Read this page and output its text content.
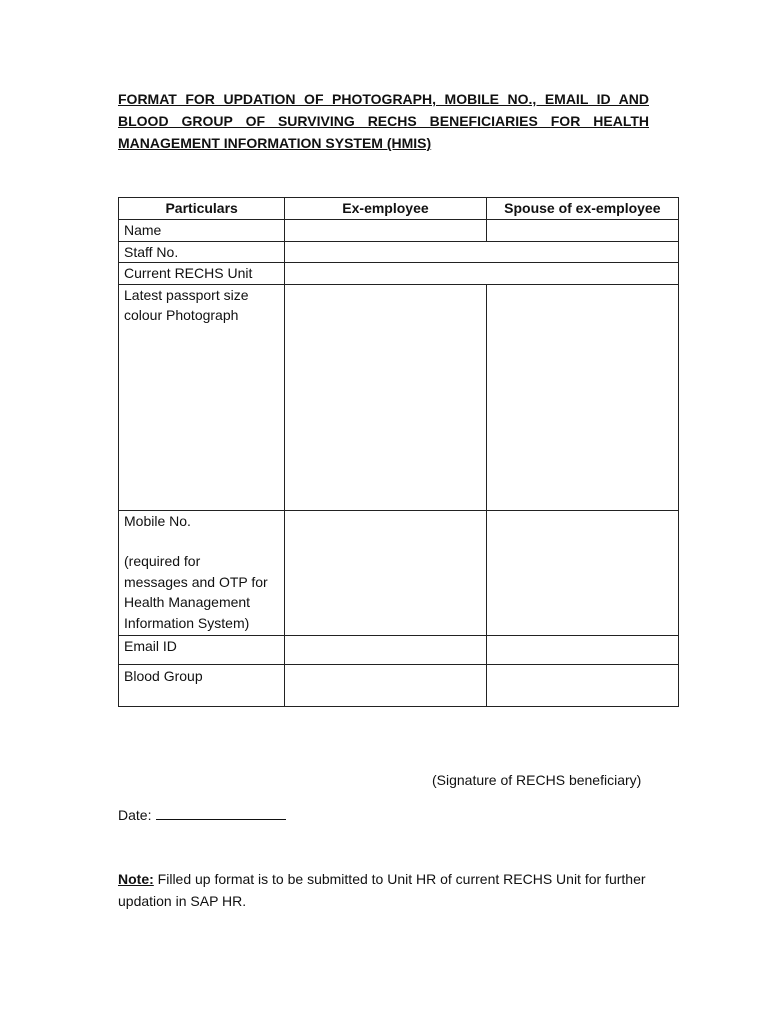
FORMAT FOR UPDATION OF PHOTOGRAPH, MOBILE NO., EMAIL ID AND
BLOOD GROUP OF SURVIVING RECHS BENEFICIARIES FOR HEALTH
MANAGEMENT INFORMATION SYSTEM (HMIS)
Particulars	Ex-employee	Spouse of ex-employee
Name		
Staff No.		
Current RECHS Unit		

Latest passport size
colour Photograph		

Mobile No.
(required for
messages and OTP for
Health Management
Information System)		

Email ID		
Blood Group		
(Signature of RECHS beneficiary)
Date:
Note: Filled up format is to be submitted to Unit HR of current RECHS Unit for further updation in SAP HR.
